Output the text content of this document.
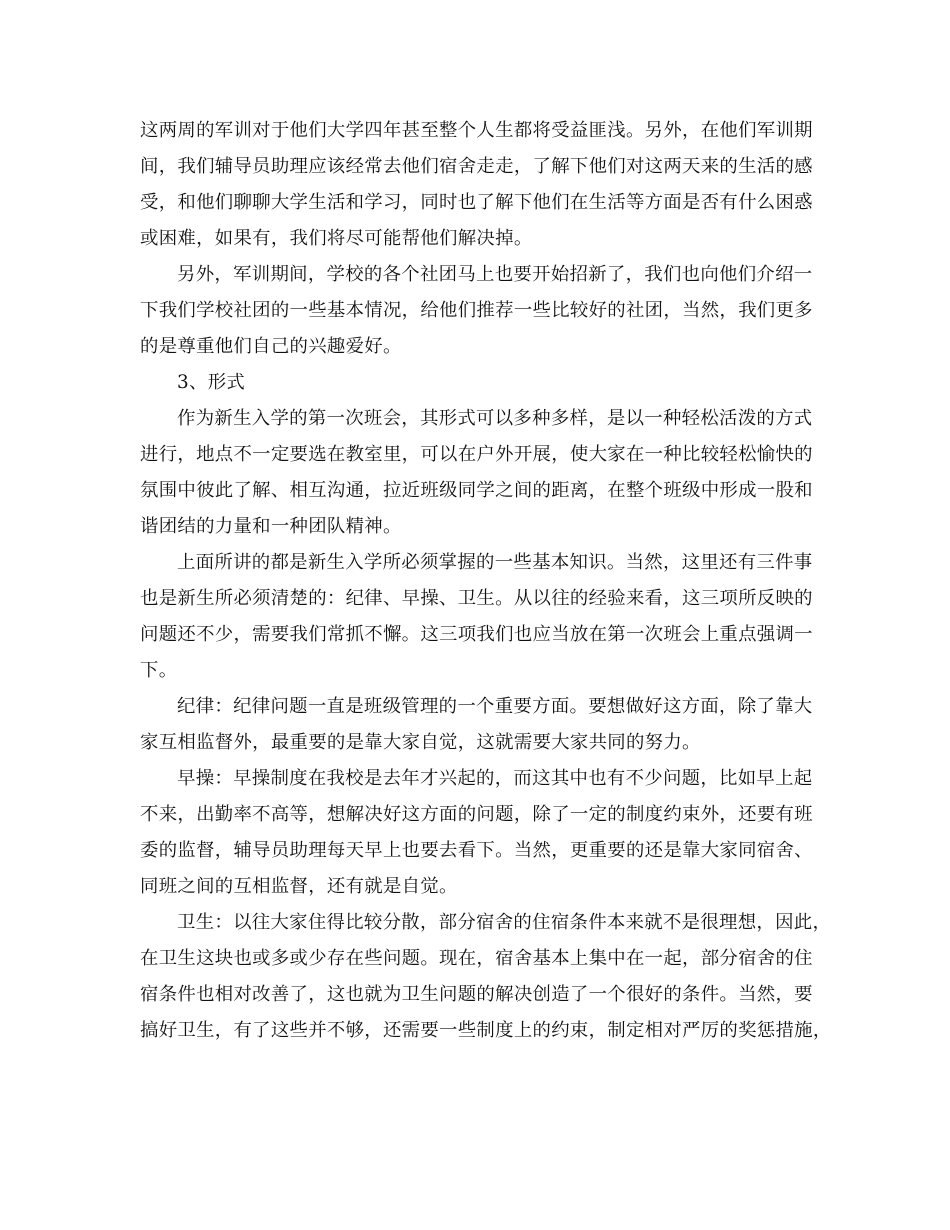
这两周的军训对于他们大学四年甚至整个人生都将受益匪浅。另外，在他们军训期
间，我们辅导员助理应该经常去他们宿舍走走，了解下他们对这两天来的生活的感
受，和他们聊聊大学生活和学习，同时也了解下他们在生活等方面是否有什么困惑
或困难，如果有，我们将尽可能帮他们解决掉。
另外，军训期间，学校的各个社团马上也要开始招新了，我们也向他们介绍一
下我们学校社团的一些基本情况，给他们推荐一些比较好的社团，当然，我们更多
的是尊重他们自己的兴趣爱好。
3、形式
作为新生入学的第一次班会，其形式可以多种多样，是以一种轻松活泼的方式
进行，地点不一定要选在教室里，可以在户外开展，使大家在一种比较轻松愉快的
氛围中彼此了解、相互沟通，拉近班级同学之间的距离，在整个班级中形成一股和
谐团结的力量和一种团队精神。
上面所讲的都是新生入学所必须掌握的一些基本知识。当然，这里还有三件事
也是新生所必须清楚的：纪律、早操、卫生。从以往的经验来看，这三项所反映的
问题还不少，需要我们常抓不懈。这三项我们也应当放在第一次班会上重点强调一
下。
纪律：纪律问题一直是班级管理的一个重要方面。要想做好这方面，除了靠大
家互相监督外，最重要的是靠大家自觉，这就需要大家共同的努力。
早操：早操制度在我校是去年才兴起的，而这其中也有不少问题，比如早上起
不来，出勤率不高等，想解决好这方面的问题，除了一定的制度约束外，还要有班
委的监督，辅导员助理每天早上也要去看下。当然，更重要的还是靠大家同宿舍、
同班之间的互相监督，还有就是自觉。
卫生：以往大家住得比较分散，部分宿舍的住宿条件本来就不是很理想，因此，
在卫生这块也或多或少存在些问题。现在，宿舍基本上集中在一起，部分宿舍的住
宿条件也相对改善了，这也就为卫生问题的解决创造了一个很好的条件。当然，要
搞好卫生，有了这些并不够，还需要一些制度上的约束，制定相对严厉的奖惩措施，
